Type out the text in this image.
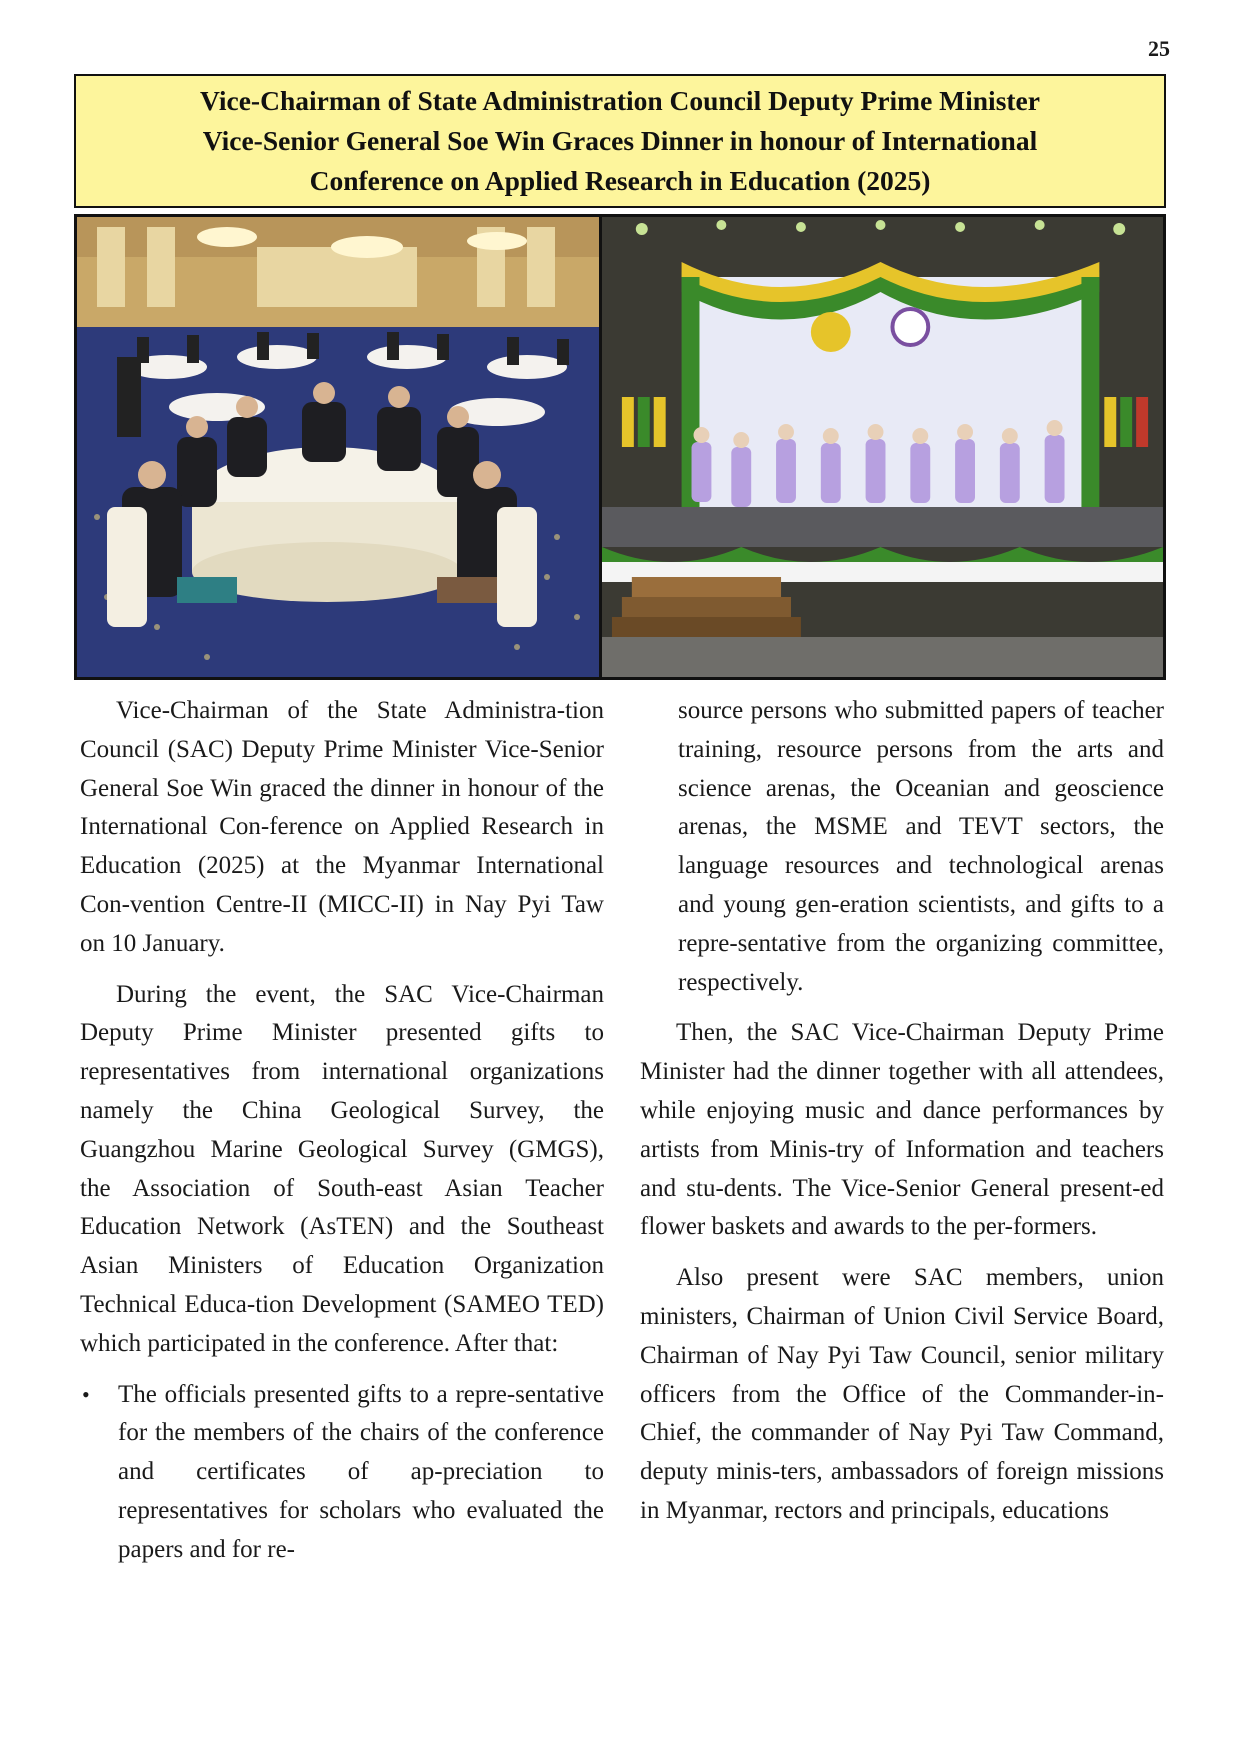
25
Vice-Chairman of State Administration Council Deputy Prime Minister
Vice-Senior General Soe Win Graces Dinner in honour of International
Conference on Applied Research in Education (2025)

Vice-Chairman of the State Administra-tion Council (SAC) Deputy Prime Minister Vice-Senior General Soe Win graced the dinner in honour of the International Con-ference on Applied Research in Education (2025) at the Myanmar International Con-vention Centre-II (MICC-II) in Nay Pyi Taw on 10 January.

During the event, the SAC Vice-Chairman Deputy Prime Minister presented gifts to representatives from international organizations namely the China Geological Survey, the Guangzhou Marine Geological Survey (GMGS), the Association of South-east Asian Teacher Education Network (AsTEN) and the Southeast Asian Ministers of Education Organization Technical Educa-tion Development (SAMEO TED) which participated in the conference. After that:

• The officials presented gifts to a repre-sentative for the members of the chairs of the conference and certificates of ap-preciation to representatives for scholars who evaluated the papers and for re-

source persons who submitted papers of teacher training, resource persons from the arts and science arenas, the Oceanian and geoscience arenas, the MSME and TEVT sectors, the language resources and technological arenas and young gen-eration scientists, and gifts to a repre-sentative from the organizing committee, respectively.

Then, the SAC Vice-Chairman Deputy Prime Minister had the dinner together with all attendees, while enjoying music and dance performances by artists from Minis-try of Information and teachers and stu-dents. The Vice-Senior General present-ed flower baskets and awards to the per-formers.

Also present were SAC members, union ministers, Chairman of Union Civil Service Board, Chairman of Nay Pyi Taw Council, senior military officers from the Office of the Commander-in-Chief, the commander of Nay Pyi Taw Command, deputy minis-ters, ambassadors of foreign missions in Myanmar, rectors and principals, educations
